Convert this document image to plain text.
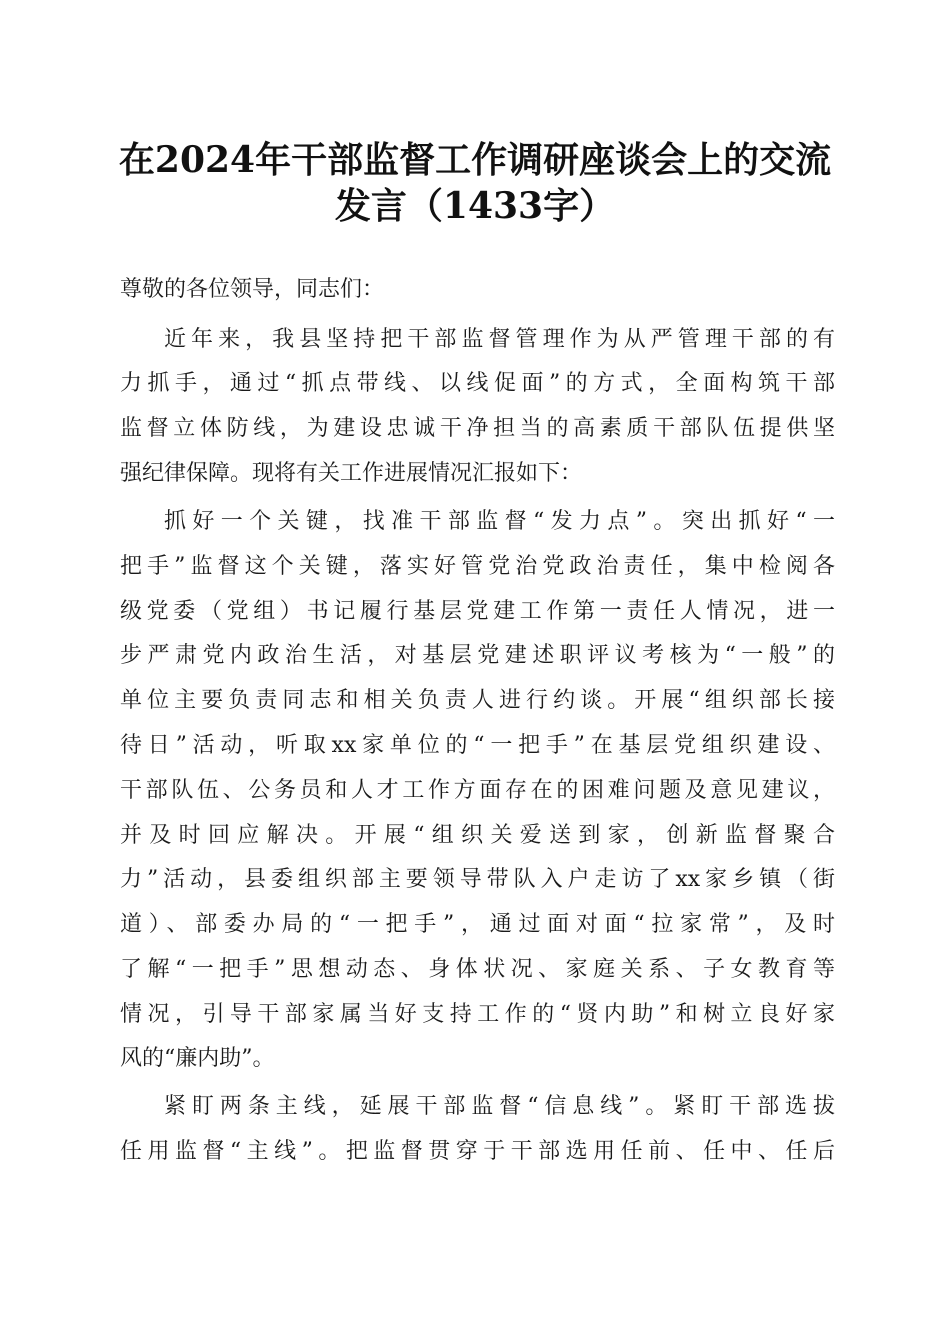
在2024年干部监督工作调研座谈会上的交流
发言（1433字）
尊敬的各位领导，同志们：
近年来，我县坚持把干部监督管理作为从严管理干部的有
力抓手，通过“抓点带线、以线促面”的方式，全面构筑干部
监督立体防线，为建设忠诚干净担当的高素质干部队伍提供坚
强纪律保障。现将有关工作进展情况汇报如下：
抓好一个关键，找准干部监督“发力点”。突出抓好“一
把手”监督这个关键，落实好管党治党政治责任，集中检阅各
级党委（党组）书记履行基层党建工作第一责任人情况，进一
步严肃党内政治生活，对基层党建述职评议考核为“一般”的
单位主要负责同志和相关负责人进行约谈。开展“组织部长接
待日”活动，听取xx家单位的“一把手”在基层党组织建设、
干部队伍、公务员和人才工作方面存在的困难问题及意见建议，
并及时回应解决。开展“组织关爱送到家，创新监督聚合
力”活动，县委组织部主要领导带队入户走访了xx家乡镇（街
道）、部委办局的“一把手”，通过面对面“拉家常”，及时
了解“一把手”思想动态、身体状况、家庭关系、子女教育等
情况，引导干部家属当好支持工作的“贤内助”和树立良好家
风的“廉内助”。
紧盯两条主线，延展干部监督“信息线”。紧盯干部选拔
任用监督“主线”。把监督贯穿于干部选用任前、任中、任后
